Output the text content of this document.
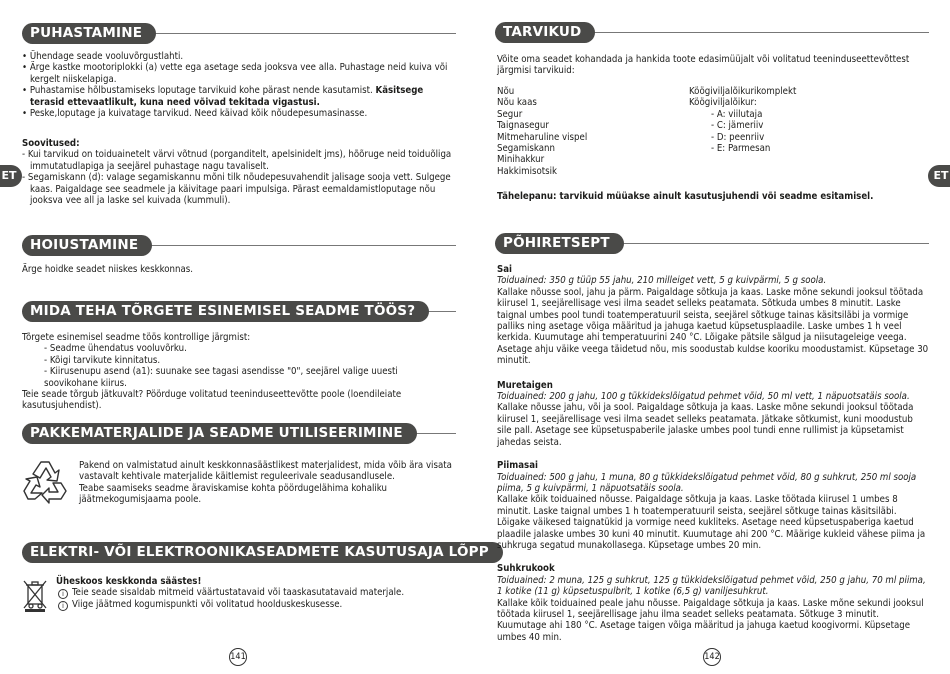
PUHASTAMINE
• Ühendage seade vooluvõrgustlahti.
• Ärge kastke mootoriplokki (a) vette ega asetage seda jooksva vee alla. Puhastage neid kuiva või kergelt niiskelapiga.
• Puhastamise hõlbustamiseks loputage tarvikuid kohe pärast nende kasutamist. Käsitsege terasid ettevaatlikult, kuna need võivad tekitada vigastusi.
• Peske,loputage ja kuivatage tarvikud. Need käivad kõik nõudepesumasinasse.
Soovitused:
- Kui tarvikud on toiduainetelt värvi võtnud (porganditelt, apelsinidelt jms), hõõruge neid toiduõliga immutatudlapiga ja seejärel puhastage nagu tavaliselt.
- Segamiskann (d): valage segamiskannu mõni tilk nõudepesuvahendit jalisage sooja vett. Sulgege kaas. Paigaldage see seadmele ja käivitage paari impulsiga. Pärast eemaldamistloputage nõu jooksva vee all ja laske sel kuivada (kummuli).
ET
HOIUSTAMINE
Ärge hoidke seadet niiskes keskkonnas.
MIDA TEHA TÕRGETE ESINEMISEL SEADME TÖÖS?
Tõrgete esinemisel seadme töös kontrollige järgmist:
- Seadme ühendatus vooluvõrku.
- Kõigi tarvikute kinnitatus.
- Kiirusenupu asend (a1): suunake see tagasi asendisse "0", seejärel valige uuesti soovikohane kiirus.
Teie seade tõrgub jätkuvalt? Pöörduge volitatud teeninduseettevõtte poole (loendileiate kasutusjuhendist).
PAKKEMATERJALIDE JA SEADME UTILISEERIMINE
Pakend on valmistatud ainult keskkonnasäästlikest materjalidest, mida võib ära visata vastavalt kehtivale materjalide käitlemist reguleerivale seadusandlusele.
Teabe saamiseks seadme äraviskamise kohta pöördugelähima kohaliku jäätmekogumisjaama poole.
ELEKTRI- VÕI ELEKTROONIKASEADMETE KASUTUSAJA LÕPP
Üheskoos keskkonda säästes!
i Teie seade sisaldab mitmeid väärtustatavaid või taaskasutatavaid materjale.
i Viige jäätmed kogumispunkti või volitatud hoolduskeskusesse.
141
TARVIKUD
Võite oma seadet kohandada ja hankida toote edasimüüjalt või volitatud teeninduseettevõttest järgmisi tarvikuid:
Nõu
Nõu kaas
Segur
Taignasegur
Mitmeharuline vispel
Segamiskann
Minihakkur
Hakkimisotsik
Köögiviljalõikurikomplekt
Köögiviljalõikur:
- A: viilutaja
- C: jämeriiv
- D: peenriiv
- E: Parmesan
Tähelepanu: tarvikuid müüakse ainult kasutusjuhendi või seadme esitamisel.
ET
PÕHIRETSEPT
Sai
Toiduained: 350 g tüüp 55 jahu, 210 milleiget vett, 5 g kuivpärmi, 5 g soola.
Kallake nõusse sool, jahu ja pärm. Paigaldage sõtkuja ja kaas. Laske mõne sekundi jooksul töötada kiirusel 1, seejärellisage vesi ilma seadet selleks peatamata. Sõtkuda umbes 8 minutit. Laske taignal umbes pool tundi toatemperatuuril seista, seejärel sõtkuge tainas käsitsiläbi ja vormige palliks ning asetage võiga määritud ja jahuga kaetud küpsetusplaadile. Laske umbes 1 h veel kerkida. Kuumutage ahi temperatuurini 240 °C. Lõigake pätsile sälgud ja niisutageleige veega. Asetage ahju väike veega täidetud nõu, mis soodustab kuldse kooriku moodustamist. Küpsetage 30 minutit.
Muretaigen
Toiduained: 200 g jahu, 100 g tükkidekslõigatud pehmet võid, 50 ml vett, 1 näpuotsatäis soola.
Kallake nõusse jahu, või ja sool. Paigaldage sõtkuja ja kaas. Laske mõne sekundi jooksul töötada kiirusel 1, seejärellisage vesi ilma seadet selleks peatamata. Jätkake sõtkumist, kuni moodustub sile pall. Asetage see küpsetuspaberile jalaske umbes pool tundi enne rullimist ja küpsetamist jahedas seista.
Piimasai
Toiduained: 500 g jahu, 1 muna, 80 g tükkidekslõigatud pehmet võid, 80 g suhkrut, 250 ml sooja piima, 5 g kuivpärmi, 1 näpuotsatäis soola.
Kallake kõik toiduained nõusse. Paigaldage sõtkuja ja kaas. Laske töötada kiirusel 1 umbes 8 minutit. Laske taignal umbes 1 h toatemperatuuril seista, seejärel sõtkuge tainas käsitsiläbi. Lõigake väikesed taignatükid ja vormige need kukliteks. Asetage need küpsetuspaberiga kaetud plaadile jalaske umbes 30 kuni 40 minutit. Kuumutage ahi 200 °C. Määrige kukleid vähese piima ja suhkruga segatud munakollasega. Küpsetage umbes 20 min.
Suhkrukook
Toiduained: 2 muna, 125 g suhkrut, 125 g tükkidekslõigatud pehmet võid, 250 g jahu, 70 ml piima, 1 kotike (11 g) küpsetuspulbrit, 1 kotike (6,5 g) vaniljesuhkrut.
Kallake kõik toiduained peale jahu nõusse. Paigaldage sõtkuja ja kaas. Laske mõne sekundi jooksul töötada kiirusel 1, seejärellisage jahu ilma seadet selleks peatamata. Sõtkuge 3 minutit. Kuumutage ahi 180 °C. Asetage taigen võiga määritud ja jahuga kaetud koogivormi. Küpsetage umbes 40 min.
142
